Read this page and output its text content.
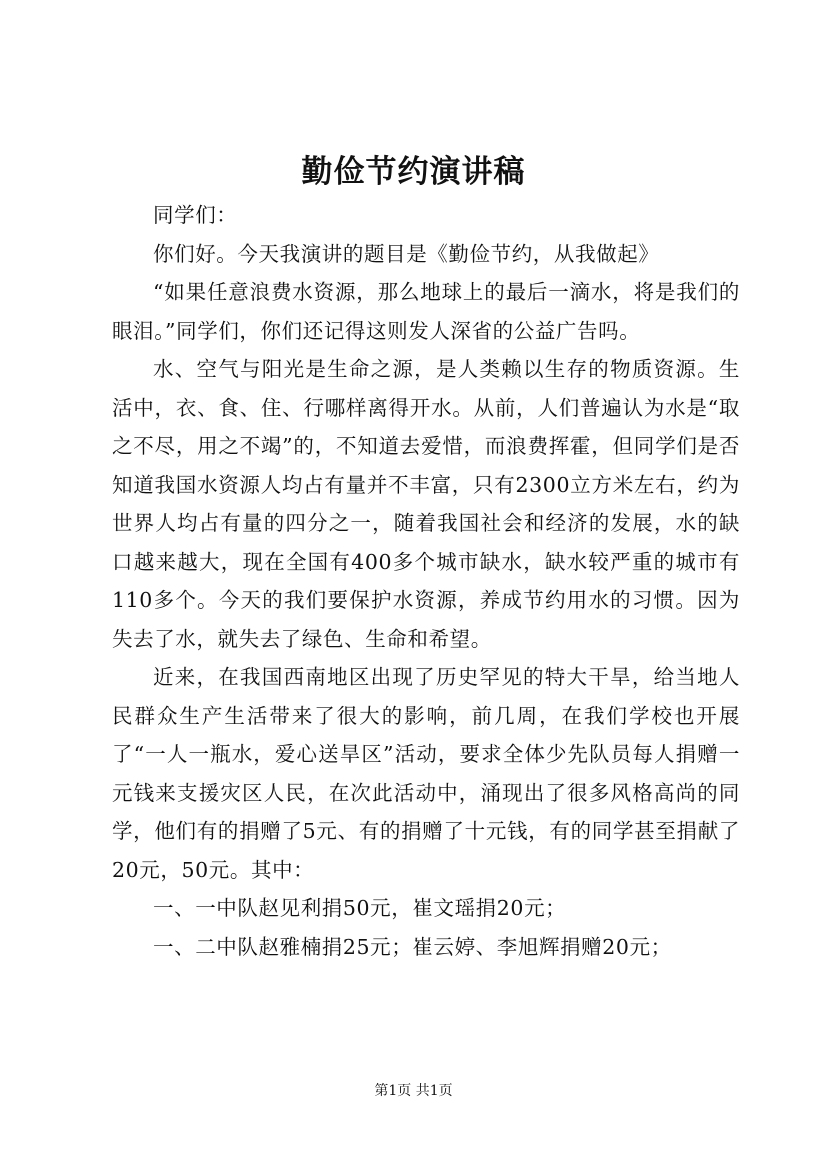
勤俭节约演讲稿

同学们：

你们好。今天我演讲的题目是《勤俭节约，从我做起》

“如果任意浪费水资源，那么地球上的最后一滴水，将是我们的眼泪。”同学们，你们还记得这则发人深省的公益广告吗。

水、空气与阳光是生命之源，是人类赖以生存的物质资源。生活中，衣、食、住、行哪样离得开水。从前，人们普遍认为水是“取之不尽，用之不竭”的，不知道去爱惜，而浪费挥霍，但同学们是否知道我国水资源人均占有量并不丰富，只有2300立方米左右，约为世界人均占有量的四分之一，随着我国社会和经济的发展，水的缺口越来越大，现在全国有400多个城市缺水，缺水较严重的城市有110多个。今天的我们要保护水资源，养成节约用水的习惯。因为失去了水，就失去了绿色、生命和希望。

近来，在我国西南地区出现了历史罕见的特大干旱，给当地人民群众生产生活带来了很大的影响，前几周，在我们学校也开展了“一人一瓶水，爱心送旱区”活动，要求全体少先队员每人捐赠一元钱来支援灾区人民，在次此活动中，涌现出了很多风格高尚的同学，他们有的捐赠了5元、有的捐赠了十元钱，有的同学甚至捐献了20元，50元。其中：

一、一中队赵见利捐50元，崔文瑶捐20元；

一、二中队赵雅楠捐25元；崔云婷、李旭辉捐赠20元；

第1页 共1页
